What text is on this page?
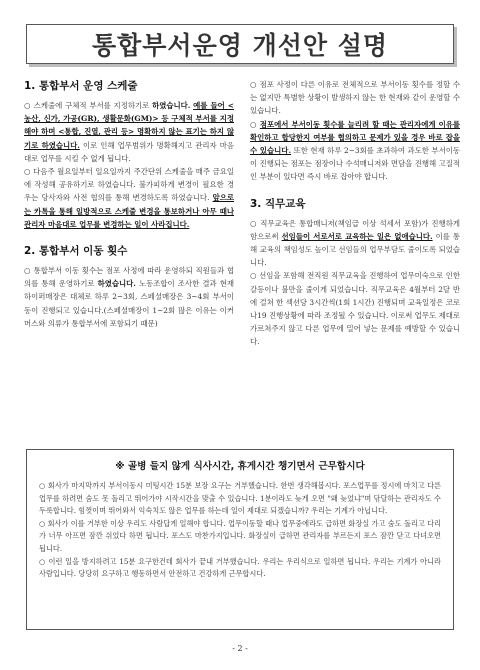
통합부서운영 개선안 설명
1. 통합부서 운영 스케줄

○ 스케줄에 구체적 부서를 지정하기로 하였습니다. 예를 들어 <농산, 신가, 가공(GR), 생활문화(GM)> 등 구체적 부서를 지정해야 하며 <통합, 진열, 관리 등> 명확하지 않는 표기는 하지 않기로 하였습니다. 이로 인해 업무범위가 명확해지고 관리자 마음대로 업무를 시킬 수 없게 됩니다.

○ 다음주 월요일부터 일요일까지 주간단위 스케줄을 매주 금요일에 작성해 공유하기로 하였습니다. 불가피하게 변경이 필요한 경우는 당사자와 사전 협의를 통해 변경하도록 하였습니다. 앞으로는 카톡을 통해 일방적으로 스케줄 변경을 통보하거나 아무 때나 관리자 마음대로 업무를 변경하는 일이 사라집니다.

2. 통합부서 이동 횟수

○ 통합부서 이동 횟수는 점포 사정에 따라 운영하되 직원들과 협의를 통해 운영하기로 하였습니다. 노동조합이 조사한 결과 현재 하이퍼매장은 대체로 하루 2~3회, 스페셜매장은 3~4회 부서이동이 진행되고 있습니다.(스페셜매장이 1~2회 많은 이유는 이커머스와 의류가 통합부서에 포함되기 때문)

○ 점포 사정이 다른 이유로 전체적으로 부서이동 횟수를 정할 수는 없지만 특별한 상황이 발생하지 않는 한 현재와 같이 운영할 수 있습니다.

○ 점포에서 부서이동 횟수를 늘리려 할 때는 관리자에게 이유를 확인하고 합당한지 여부를 협의하고 문제가 있을 경우 바로 잡을 수 있습니다. 또한 현재 하루 2~3회를 초과하여 과도한 부서이동이 진행되는 점포는 점장이나 수석매니저와 면담을 진행해 고질적인 부분이 있다면 즉시 바로 잡아야 합니다.

3. 직무교육

○ 직무교육은 통합매니저(책임급 이상 석세서 포함)가 진행하게 함으로써 선임들이 서로서로 교육하는 일은 없애습니다. 이를 통해 교육의 책임성도 높이고 선임들의 업무부담도 줄이도록 되었습니다.

○ 선임을 포함해 전직원 직무교육을 진행하여 업무미숙으로 인한 갈등이나 불만을 줄이게 되었습니다. 직무교육은 4월부터 2달 반에 걸쳐 한 섹션당 3시간씩(1회 1시간) 진행되며 교육일정은 코로나19 진행상황에 따라 조정될 수 있습니다. 이로써 업무도 제대로 가르쳐주지 않고 다른 업무에 밀어 넣는 문제를 예방할 수 있습니다.

※ 골병 들지 않게 식사시간, 휴게시간 챙기면서 근무합시다

○ 회사가 마지막까지 부서이동시 미팅시간 15분 보장 요구는 거부했습니다. 한번 생각해봅시다. 포스업무를 정시에 마치고 다른 업무를 하려면 숨도 못 돌리고 뛰어가야 시작시간을 맞출 수 있습니다. 1분이라도 늦게 오면 "왜 늦었냐"며 닦달하는 관리자도 수두룩합니다. 힘껏이며 뛰어와서 익숙치도 않은 업무를 하는데 일이 제대로 되겠습니까? 우리는 기계가 아닙니다.

○ 회사가 이를 거부한 이상 우리도 사람답게 일해야 합니다. 업무이동할 때나 업무중에라도 급하면 화장실 가고 숨도 돌리고 다리가 너무 아프면 잠깐 쉬었다 하면 됩니다. 포스도 마찬가지입니다. 화장실이 급하면 관리자를 부르든지 포스 잠깐 닫고 다녀오면 됩니다.

○ 이런 일을 방지하려고 15분 요구한건데 회사가 끝내 거부했습니다. 우리는 우리식으로 일하면 됩니다. 우리는 기계가 아니라 사람입니다. 당당히 요구하고 행동하면서 안전하고 건강하게 근무합시다.

- 2 -
